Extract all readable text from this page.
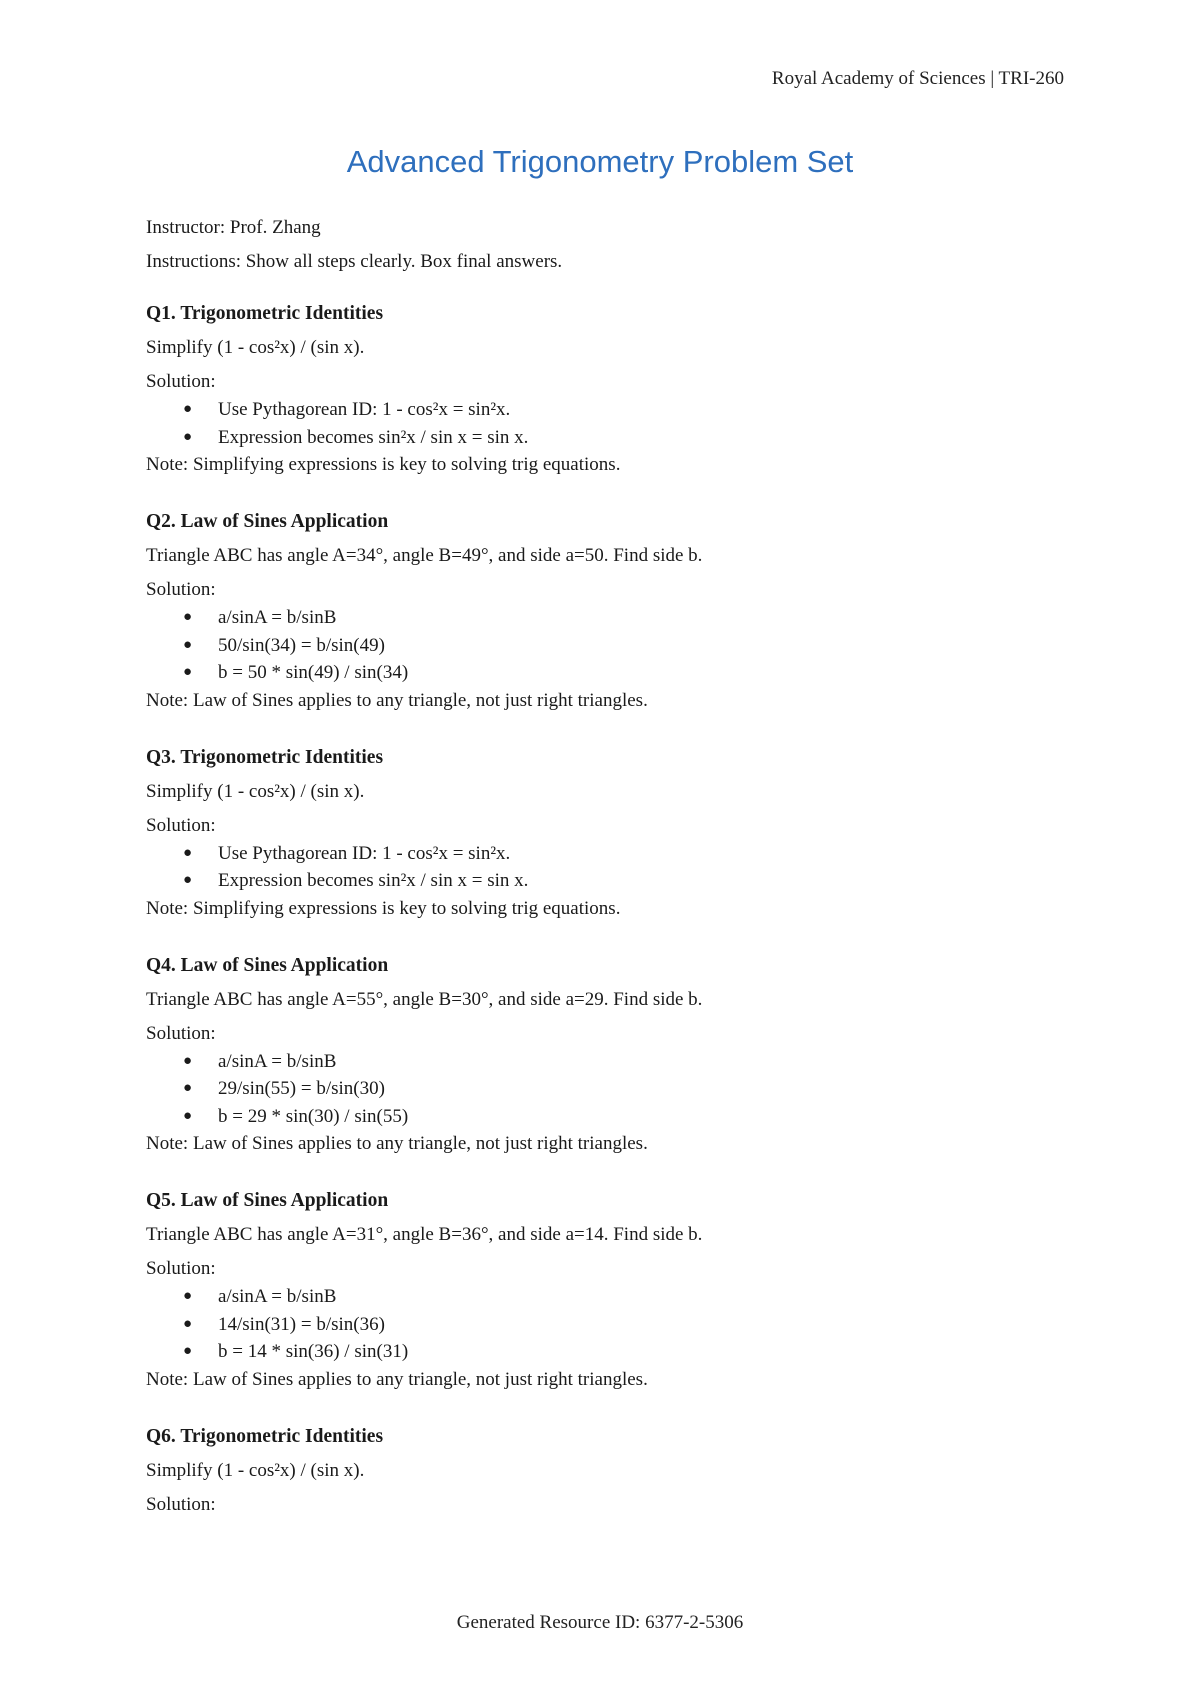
Royal Academy of Sciences | TRI-260
Advanced Trigonometry Problem Set
Instructor: Prof. Zhang
Instructions: Show all steps clearly. Box final answers.
Q1. Trigonometric Identities
Simplify (1 - cos²x) / (sin x).
Solution:
● Use Pythagorean ID: 1 - cos²x = sin²x.
● Expression becomes sin²x / sin x = sin x.
Note: Simplifying expressions is key to solving trig equations.
Q2. Law of Sines Application
Triangle ABC has angle A=34°, angle B=49°, and side a=50. Find side b.
Solution:
● a/sinA = b/sinB
● 50/sin(34) = b/sin(49)
● b = 50 * sin(49) / sin(34)
Note: Law of Sines applies to any triangle, not just right triangles.
Q3. Trigonometric Identities
Simplify (1 - cos²x) / (sin x).
Solution:
● Use Pythagorean ID: 1 - cos²x = sin²x.
● Expression becomes sin²x / sin x = sin x.
Note: Simplifying expressions is key to solving trig equations.
Q4. Law of Sines Application
Triangle ABC has angle A=55°, angle B=30°, and side a=29. Find side b.
Solution:
● a/sinA = b/sinB
● 29/sin(55) = b/sin(30)
● b = 29 * sin(30) / sin(55)
Note: Law of Sines applies to any triangle, not just right triangles.
Q5. Law of Sines Application
Triangle ABC has angle A=31°, angle B=36°, and side a=14. Find side b.
Solution:
● a/sinA = b/sinB
● 14/sin(31) = b/sin(36)
● b = 14 * sin(36) / sin(31)
Note: Law of Sines applies to any triangle, not just right triangles.
Q6. Trigonometric Identities
Simplify (1 - cos²x) / (sin x).
Solution:
Generated Resource ID: 6377-2-5306
